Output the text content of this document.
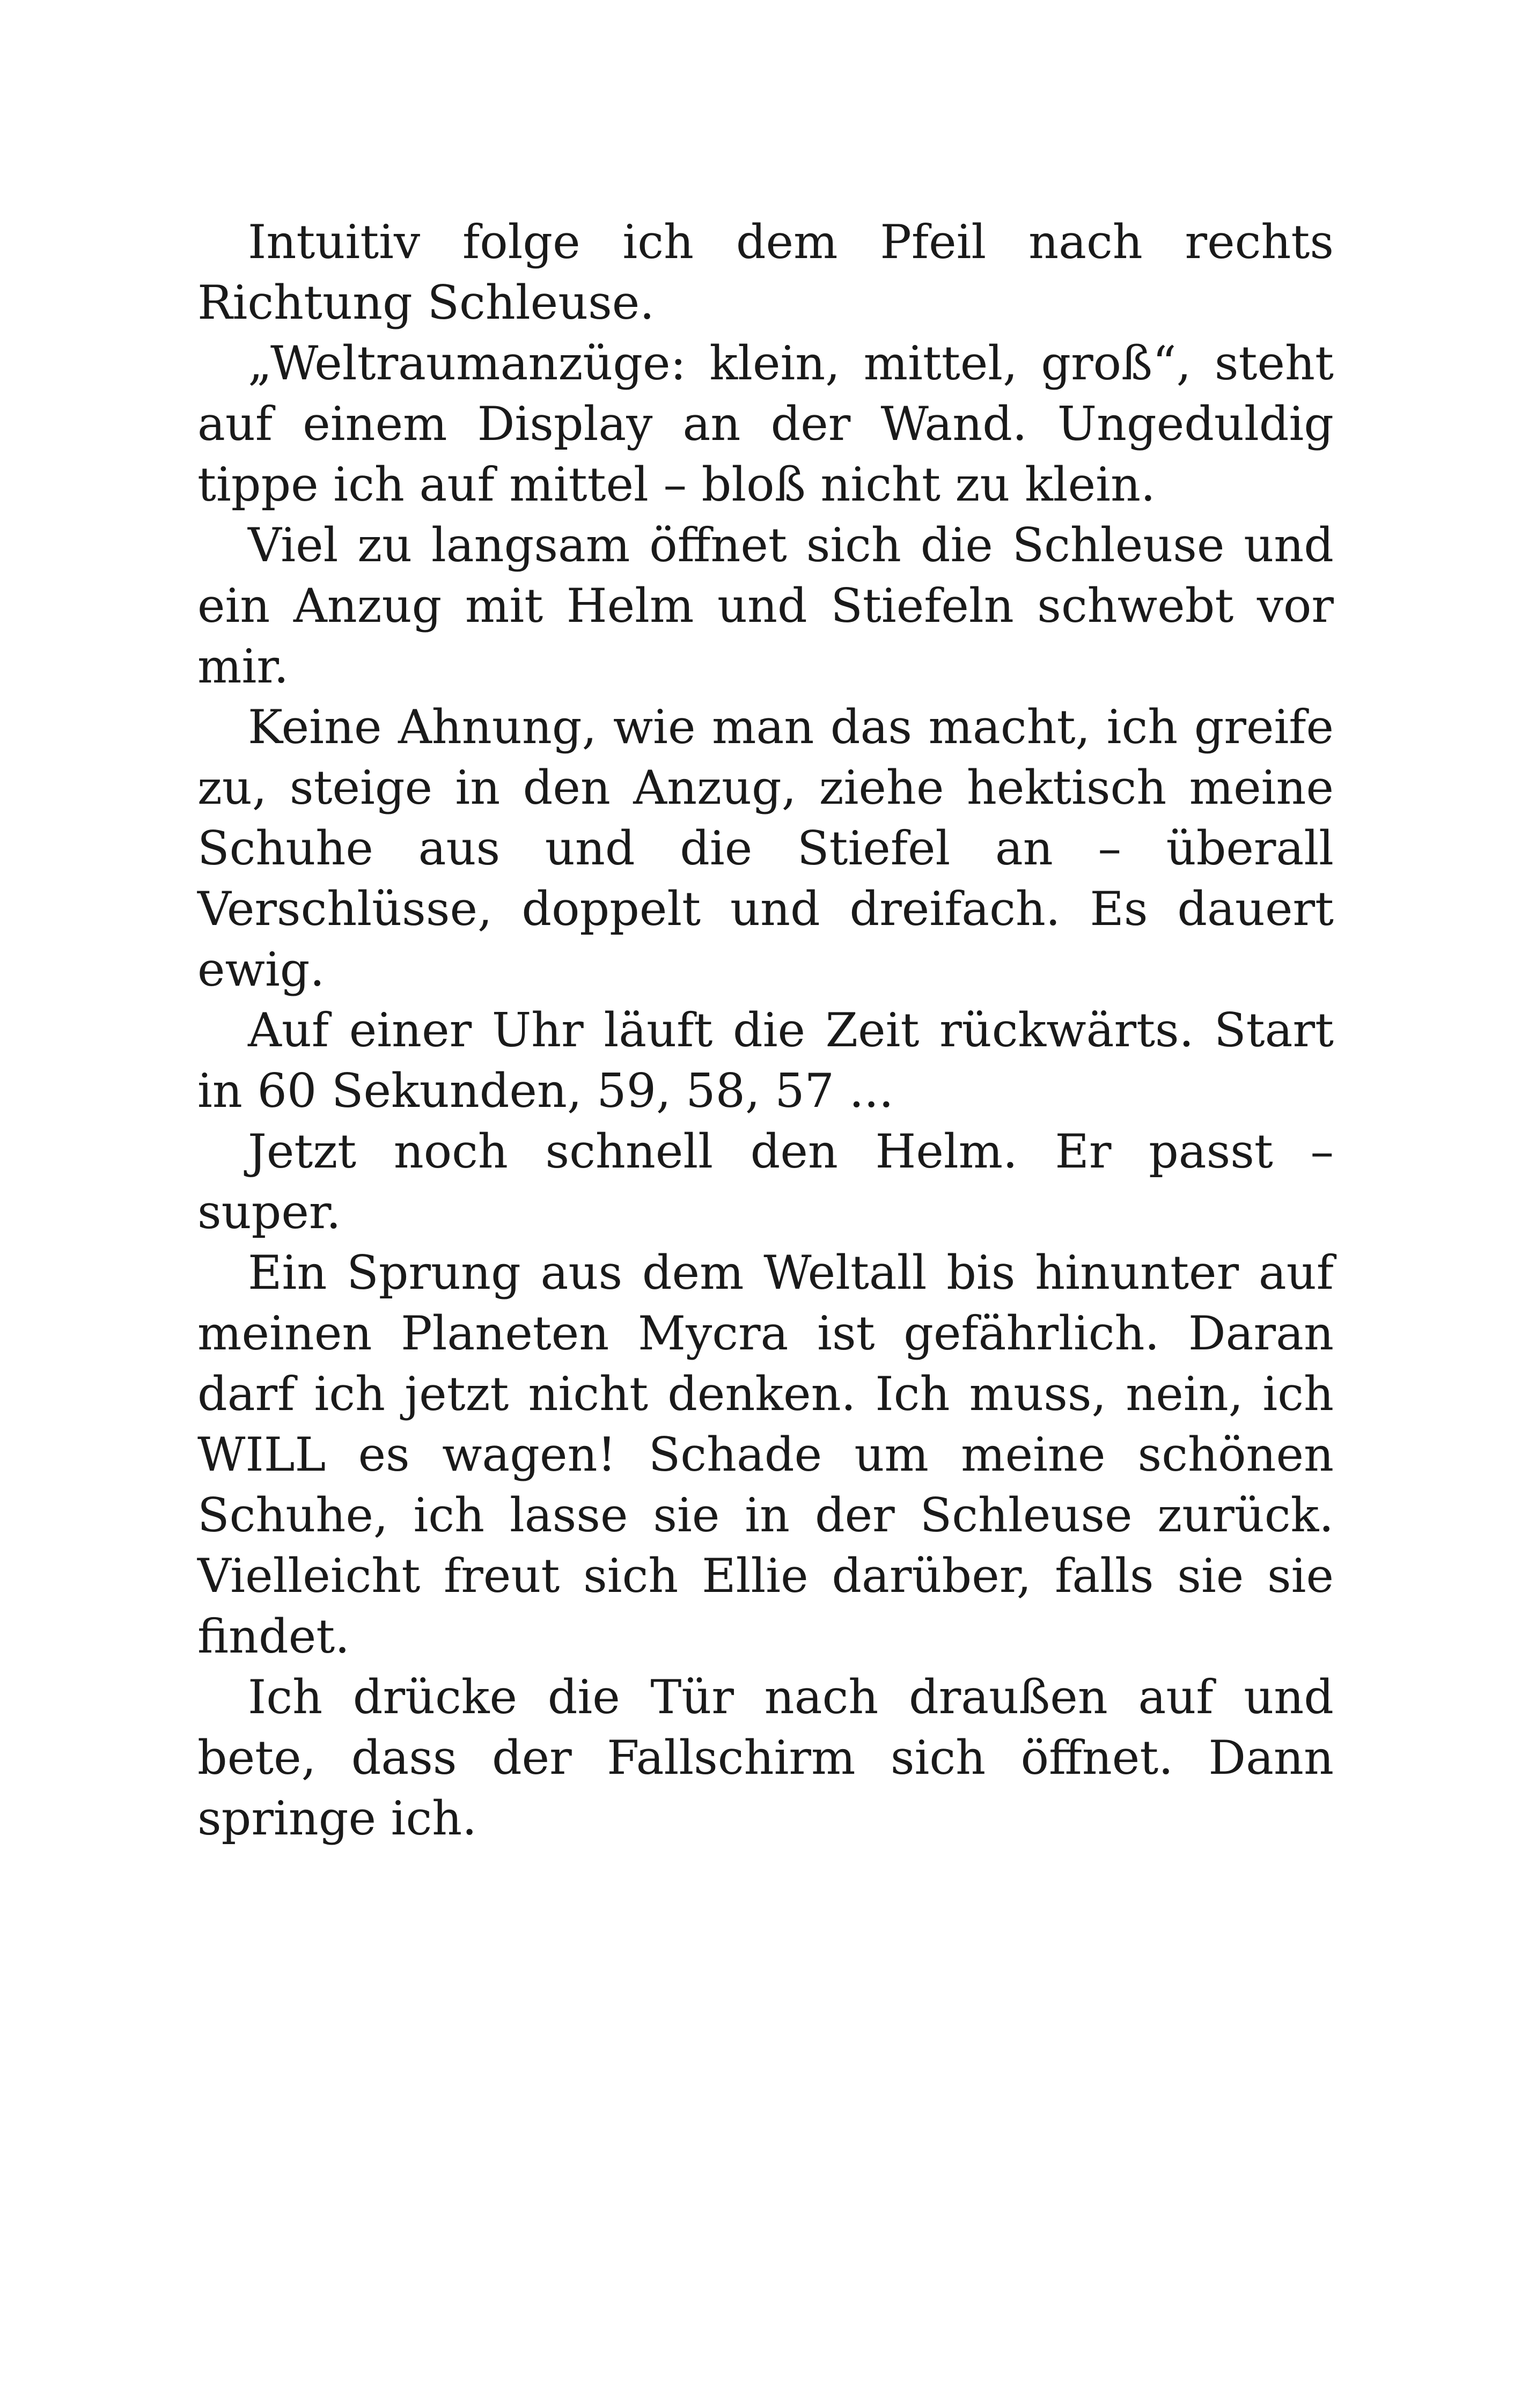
Intuitiv folge ich dem Pfeil nach rechts Richtung Schleuse.

„Weltraumanzüge: klein, mittel, groß“, steht auf einem Display an der Wand. Ungeduldig tippe ich auf mittel – bloß nicht zu klein.

Viel zu langsam öffnet sich die Schleuse und ein Anzug mit Helm und Stiefeln schwebt vor mir.

Keine Ahnung, wie man das macht, ich greife zu, steige in den Anzug, ziehe hektisch meine Schuhe aus und die Stiefel an – überall Verschlüsse, doppelt und dreifach. Es dauert ewig.

Auf einer Uhr läuft die Zeit rückwärts. Start in 60 Sekunden, 59, 58, 57 ...

Jetzt noch schnell den Helm. Er passt – super.

Ein Sprung aus dem Weltall bis hinunter auf meinen Planeten Mycra ist gefährlich. Daran darf ich jetzt nicht denken. Ich muss, nein, ich WILL es wagen! Schade um meine schönen Schuhe, ich lasse sie in der Schleuse zurück. Vielleicht freut sich Ellie darüber, falls sie sie findet.

Ich drücke die Tür nach draußen auf und bete, dass der Fallschirm sich öffnet. Dann springe ich.
